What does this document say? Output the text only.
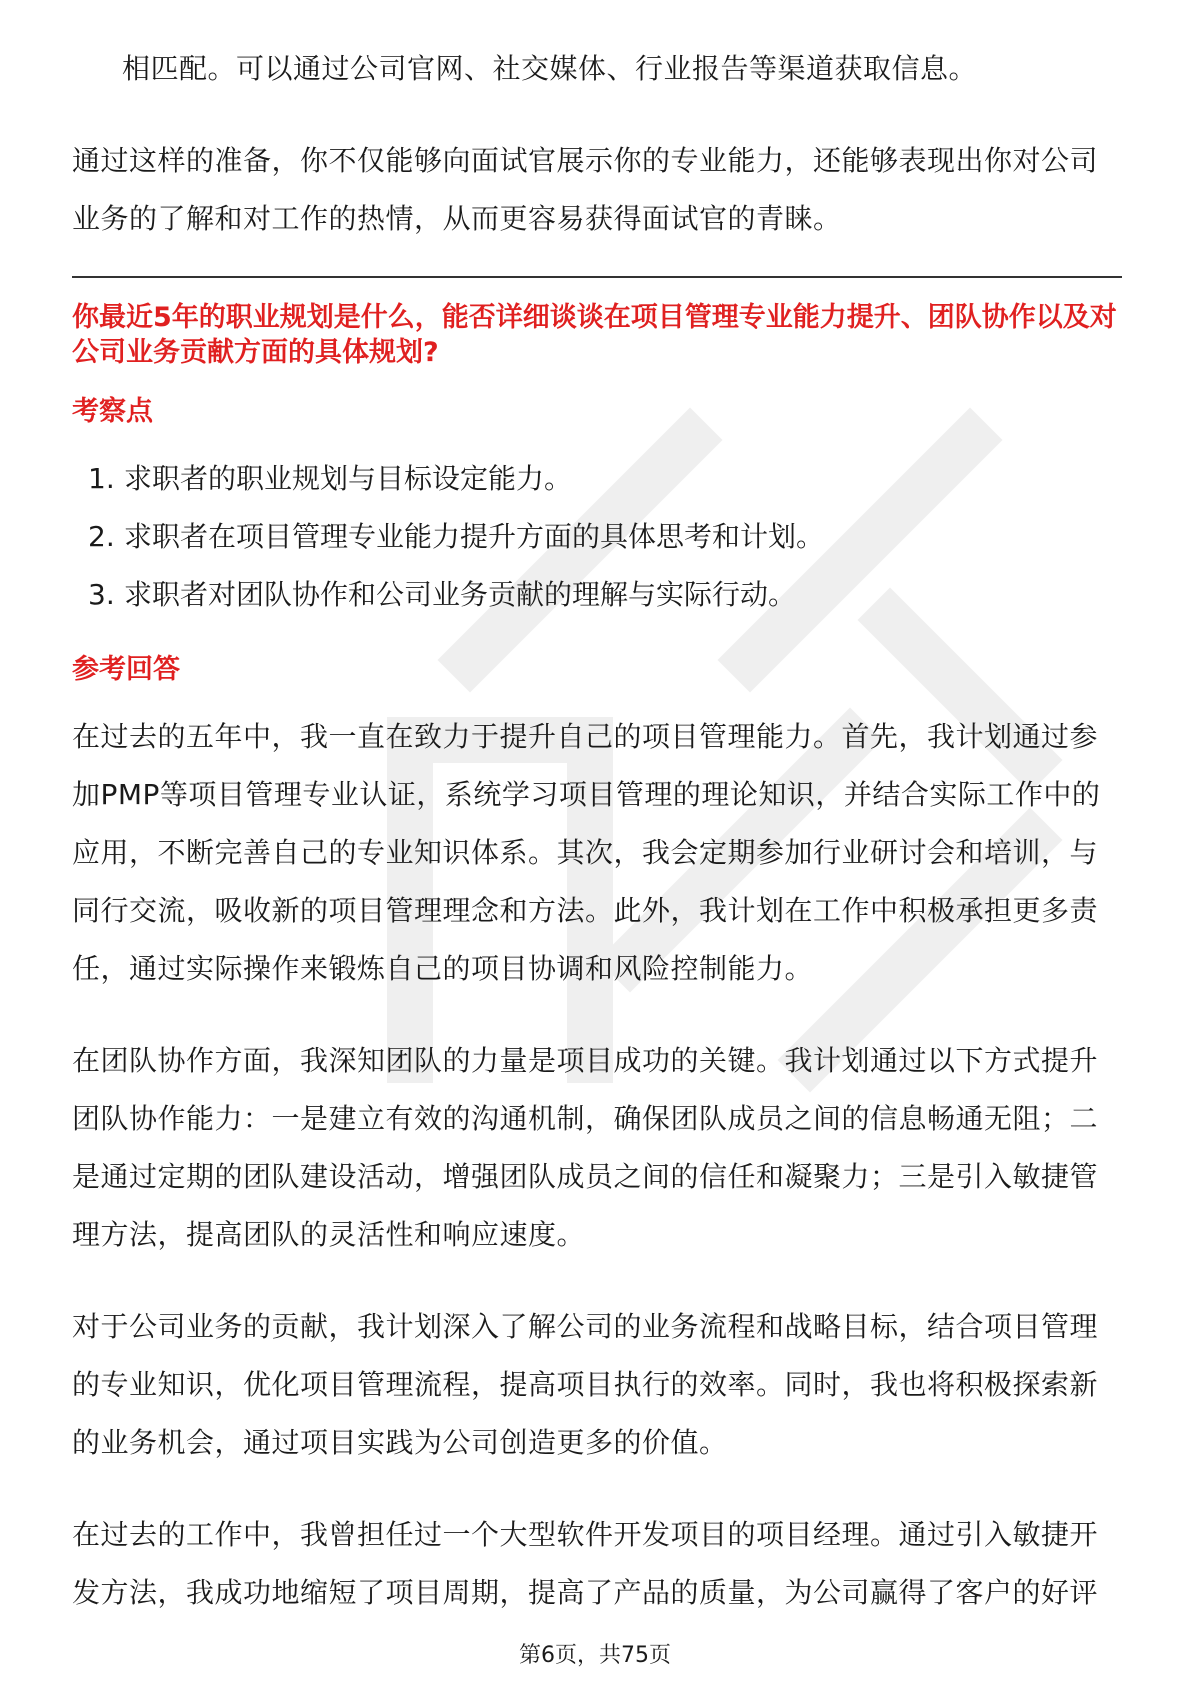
相匹配。可以通过公司官网、社交媒体、行业报告等渠道获取信息。

通过这样的准备，你不仅能够向面试官展示你的专业能力，还能够表现出你对公司业务的了解和对工作的热情，从而更容易获得面试官的青睐。

你最近5年的职业规划是什么，能否详细谈谈在项目管理专业能力提升、团队协作以及对公司业务贡献方面的具体规划?

考察点
1. 求职者的职业规划与目标设定能力。
2. 求职者在项目管理专业能力提升方面的具体思考和计划。
3. 求职者对团队协作和公司业务贡献的理解与实际行动。
参考回答

在过去的五年中，我一直在致力于提升自己的项目管理能力。首先，我计划通过参加PMP等项目管理专业认证，系统学习项目管理的理论知识，并结合实际工作中的应用，不断完善自己的专业知识体系。其次，我会定期参加行业研讨会和培训，与同行交流，吸收新的项目管理理念和方法。此外，我计划在工作中积极承担更多责任，通过实际操作来锻炼自己的项目协调和风险控制能力。

在团队协作方面，我深知团队的力量是项目成功的关键。我计划通过以下方式提升团队协作能力：一是建立有效的沟通机制，确保团队成员之间的信息畅通无阻；二是通过定期的团队建设活动，增强团队成员之间的信任和凝聚力；三是引入敏捷管理方法，提高团队的灵活性和响应速度。

对于公司业务的贡献，我计划深入了解公司的业务流程和战略目标，结合项目管理的专业知识，优化项目管理流程，提高项目执行的效率。同时，我也将积极探索新的业务机会，通过项目实践为公司创造更多的价值。

在过去的工作中，我曾担任过一个大型软件开发项目的项目经理。通过引入敏捷开发方法，我成功地缩短了项目周期，提高了产品的质量，为公司赢得了客户的好评

第6页，共75页
